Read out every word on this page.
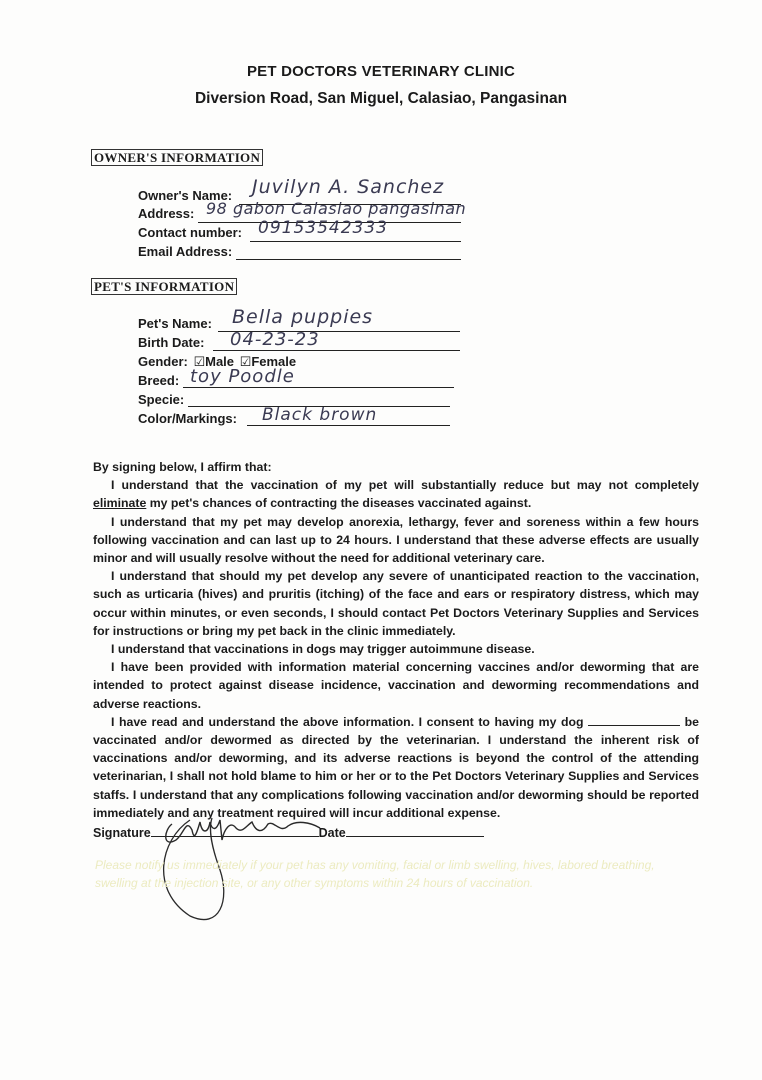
PET DOCTORS VETERINARY CLINIC
Diversion Road, San Miguel, Calasiao, Pangasinan
OWNER'S INFORMATION
Owner's Name: Juvilyn A. Sanchez
Address: 98 gabon Calasiao pangasinan
Contact number: 09153542333
Email Address:
PET'S INFORMATION
Pet's Name: Bella puppies
Birth Date: 04-23-23
Gender: ☑Male ☑Female
Breed: toy Poodle
Specie:
Color/Markings: Black brown

By signing below, I affirm that:

I understand that the vaccination of my pet will substantially reduce but may not completely eliminate my pet's chances of contracting the diseases vaccinated against.

I understand that my pet may develop anorexia, lethargy, fever and soreness within a few hours following vaccination and can last up to 24 hours. I understand that these adverse effects are usually minor and will usually resolve without the need for additional veterinary care.

I understand that should my pet develop any severe of unanticipated reaction to the vaccination, such as urticaria (hives) and pruritis (itching) of the face and ears or respiratory distress, which may occur within minutes, or even seconds, I should contact Pet Doctors Veterinary Supplies and Services for instructions or bring my pet back in the clinic immediately.

I understand that vaccinations in dogs may trigger autoimmune disease.

I have been provided with information material concerning vaccines and/or deworming that are intended to protect against disease incidence, vaccination and deworming recommendations and adverse reactions.

I have read and understand the above information. I consent to having my dog	be vaccinated and/or dewormed as directed by the veterinarian. I understand the inherent risk of vaccinations and/or deworming, and its adverse reactions is beyond the control of the attending veterinarian, I shall not hold blame to him or her or to the Pet Doctors Veterinary Supplies and Services staffs. I understand that any complications following vaccination and/or deworming should be reported immediately and any treatment required will incur additional expense.

Signature	Date
Please notify us immediately if your pet has any vomiting, facial or limb swelling, hives, labored breathing, swelling at the injection site, or any other symptoms within 24 hours of vaccination.
